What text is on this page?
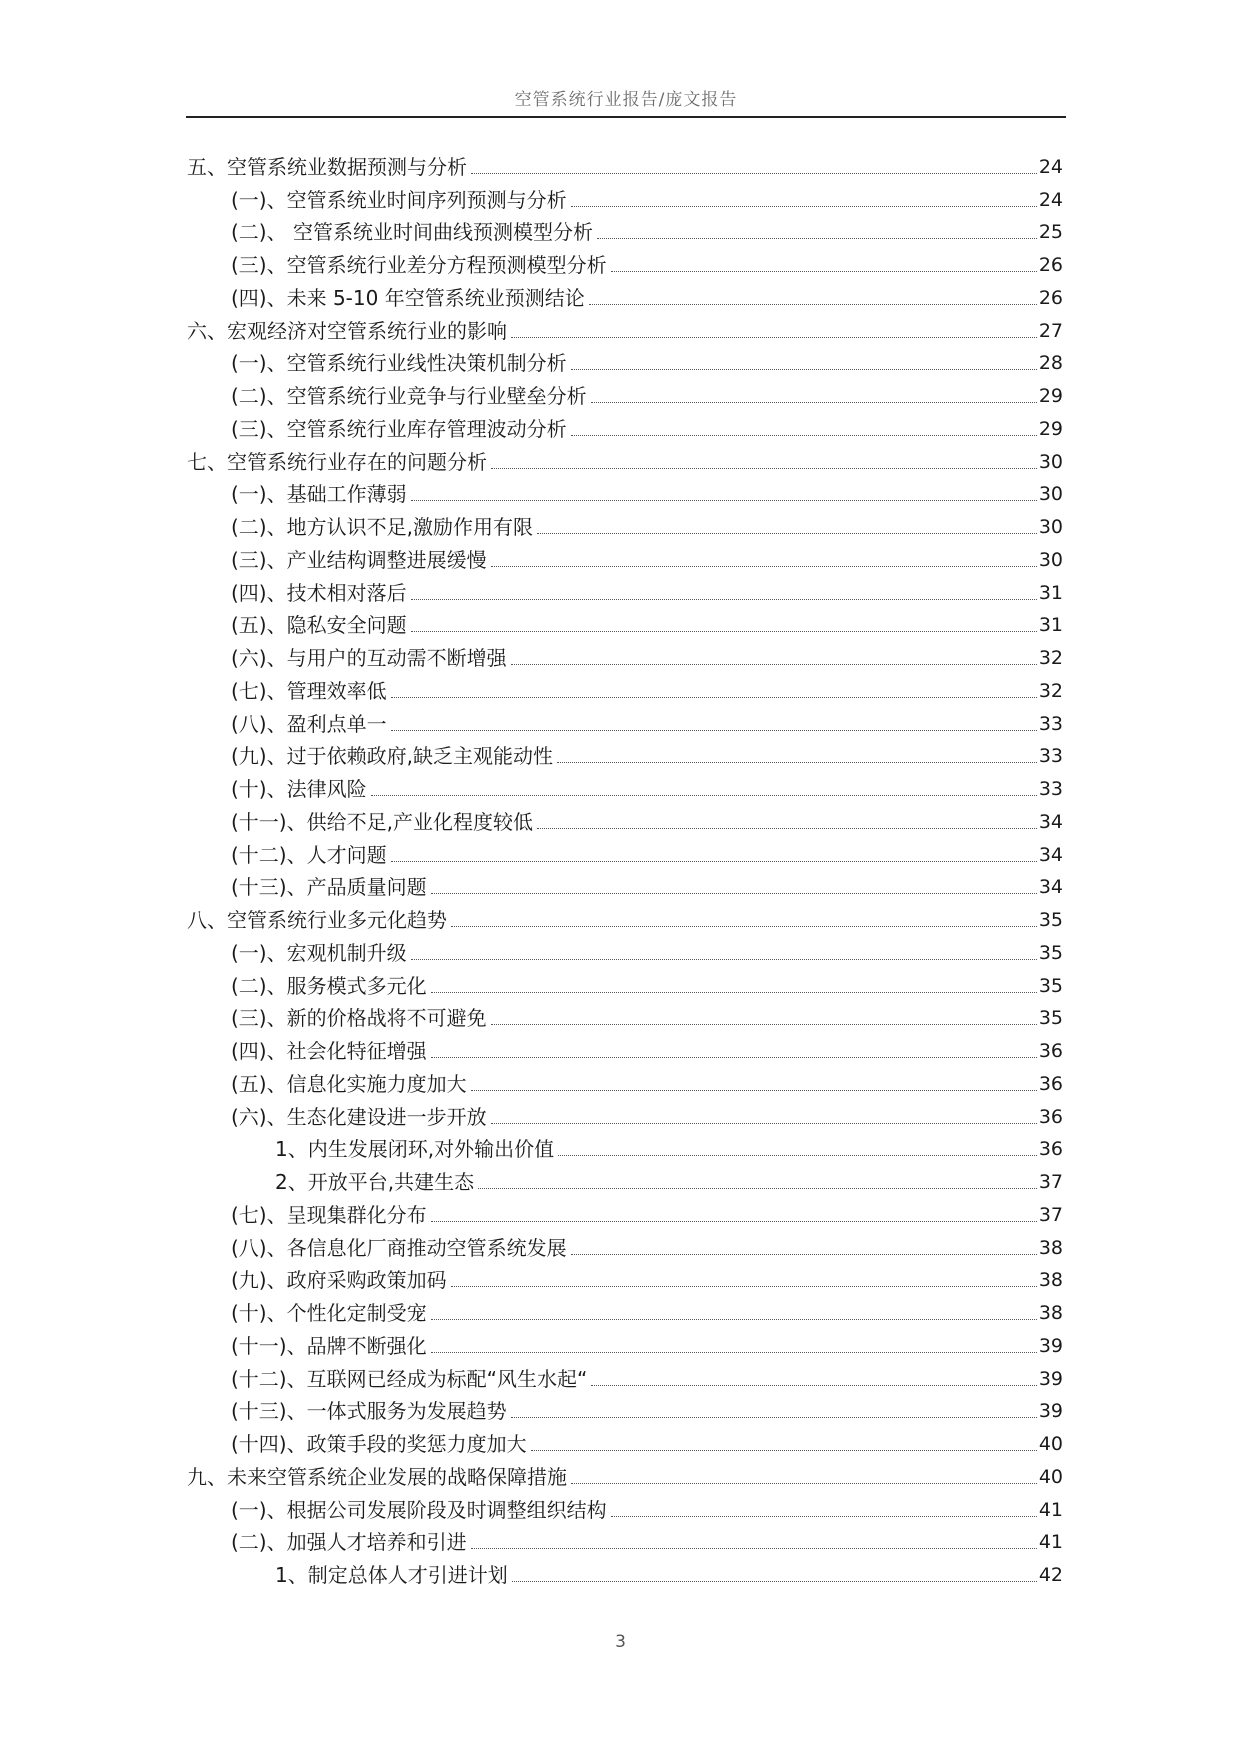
空管系统行业报告/庞文报告
五、空管系统业数据预测与分析	24
(一)、空管系统业时间序列预测与分析	24
(二)、 空管系统业时间曲线预测模型分析	25
(三)、空管系统行业差分方程预测模型分析	26
(四)、未来 5-10 年空管系统业预测结论	26
六、宏观经济对空管系统行业的影响	27
(一)、空管系统行业线性决策机制分析	28
(二)、空管系统行业竞争与行业壁垒分析	29
(三)、空管系统行业库存管理波动分析	29
七、空管系统行业存在的问题分析	30
(一)、基础工作薄弱	30
(二)、地方认识不足,激励作用有限	30
(三)、产业结构调整进展缓慢	30
(四)、技术相对落后	31
(五)、隐私安全问题	31
(六)、与用户的互动需不断增强	32
(七)、管理效率低	32
(八)、盈利点单一	33
(九)、过于依赖政府,缺乏主观能动性	33
(十)、法律风险	33
(十一)、供给不足,产业化程度较低	34
(十二)、人才问题	34
(十三)、产品质量问题	34
八、空管系统行业多元化趋势	35
(一)、宏观机制升级	35
(二)、服务模式多元化	35
(三)、新的价格战将不可避免	35
(四)、社会化特征增强	36
(五)、信息化实施力度加大	36
(六)、生态化建设进一步开放	36
1、内生发展闭环,对外输出价值	36
2、开放平台,共建生态	37
(七)、呈现集群化分布	37
(八)、各信息化厂商推动空管系统发展	38
(九)、政府采购政策加码	38
(十)、个性化定制受宠	38
(十一)、品牌不断强化	39
(十二)、互联网已经成为标配“风生水起“	39
(十三)、一体式服务为发展趋势	39
(十四)、政策手段的奖惩力度加大	40
九、未来空管系统企业发展的战略保障措施	40
(一)、根据公司发展阶段及时调整组织结构	41
(二)、加强人才培养和引进	41
1、制定总体人才引进计划	42
3
